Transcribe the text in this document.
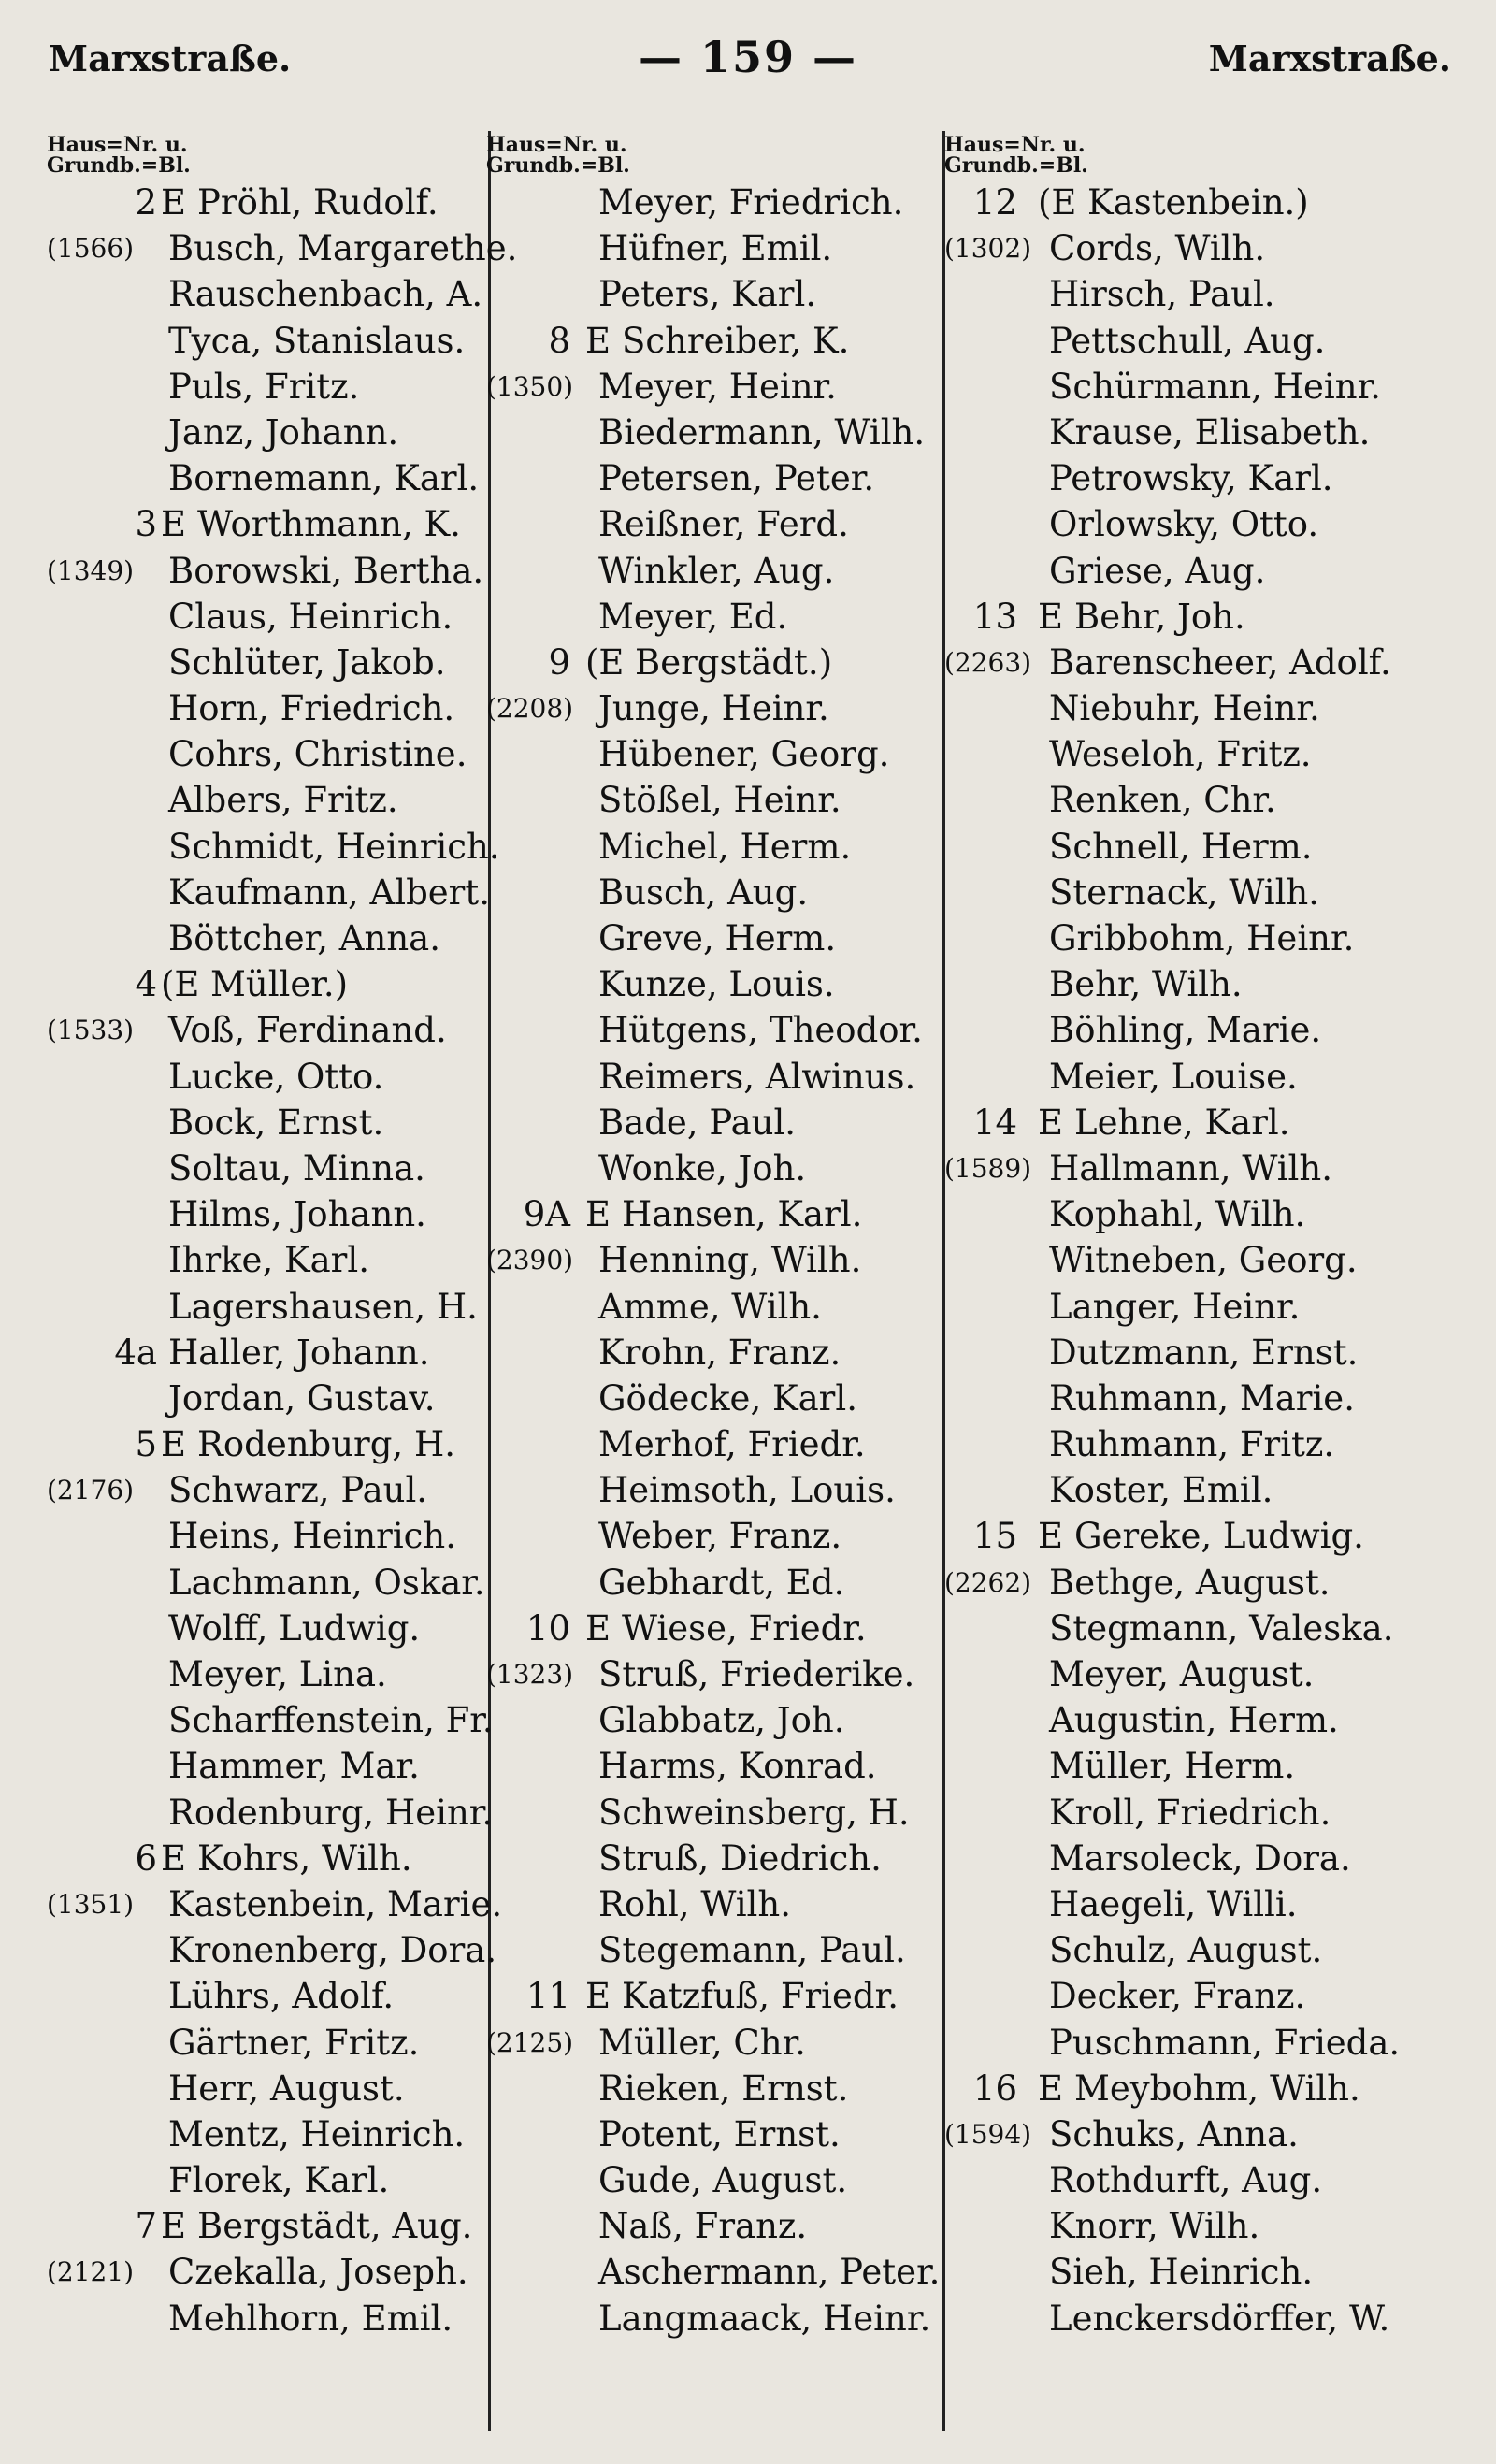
Marxstraße.	— 159 —	Marxstraße.
Haus=Nr. u.
Grundb.=Bl.
2 E Pröhl, Rudolf.
(1566) Busch, Margarethe.
Rauschenbach, A.
Tyca, Stanislaus.
Puls, Fritz.
Janz, Johann.
Bornemann, Karl.
3 E Worthmann, K.
(1349) Borowski, Bertha.
Claus, Heinrich.
Schlüter, Jakob.
Horn, Friedrich.
Cohrs, Christine.
Albers, Fritz.
Schmidt, Heinrich.
Kaufmann, Albert.
Böttcher, Anna.
4 (E Müller.)
(1533) Voß, Ferdinand.
Lucke, Otto.
Bock, Ernst.
Soltau, Minna.
Hilms, Johann.
Ihrke, Karl.
Lagershausen, H.
4a Haller, Johann.
Jordan, Gustav.
5 E Rodenburg, H.
(2176) Schwarz, Paul.
Heins, Heinrich.
Lachmann, Oskar.
Wolff, Ludwig.
Meyer, Lina.
Scharffenstein, Fr.
Hammer, Mar.
Rodenburg, Heinr.
6 E Kohrs, Wilh.
(1351) Kastenbein, Marie.
Kronenberg, Dora.
Lührs, Adolf.
Gärtner, Fritz.
Herr, August.
Mentz, Heinrich.
Florek, Karl.
7 E Bergstädt, Aug.
(2121) Czekalla, Joseph.
Mehlhorn, Emil.
Haus=Nr. u.
Grundb.=Bl.
Meyer, Friedrich.
Hüfner, Emil.
Peters, Karl.
8 E Schreiber, K.
(1350) Meyer, Heinr.
Biedermann, Wilh.
Petersen, Peter.
Reißner, Ferd.
Winkler, Aug.
Meyer, Ed.
9 (E Bergstädt.)
(2208) Junge, Heinr.
Hübener, Georg.
Stößel, Heinr.
Michel, Herm.
Busch, Aug.
Greve, Herm.
Kunze, Louis.
Hütgens, Theodor.
Reimers, Alwinus.
Bade, Paul.
Wonke, Joh.
9A E Hansen, Karl.
(2390) Henning, Wilh.
Amme, Wilh.
Krohn, Franz.
Gödecke, Karl.
Merhof, Friedr.
Heimsoth, Louis.
Weber, Franz.
Gebhardt, Ed.
10 E Wiese, Friedr.
(1323) Struß, Friederike.
Glabbatz, Joh.
Harms, Konrad.
Schweinsberg, H.
Struß, Diedrich.
Rohl, Wilh.
Stegemann, Paul.
11 E Katzfuß, Friedr.
(2125) Müller, Chr.
Rieken, Ernst.
Potent, Ernst.
Gude, August.
Naß, Franz.
Aschermann, Peter.
Langmaack, Heinr.
Haus=Nr. u.
Grundb.=Bl.
12 (E Kastenbein.)
(1302) Cords, Wilh.
Hirsch, Paul.
Pettschull, Aug.
Schürmann, Heinr.
Krause, Elisabeth.
Petrowsky, Karl.
Orlowsky, Otto.
Griese, Aug.
13 E Behr, Joh.
(2263) Barenscheer, Adolf.
Niebuhr, Heinr.
Weseloh, Fritz.
Renken, Chr.
Schnell, Herm.
Sternack, Wilh.
Gribbohm, Heinr.
Behr, Wilh.
Böhling, Marie.
Meier, Louise.
14 E Lehne, Karl.
(1589) Hallmann, Wilh.
Kophahl, Wilh.
Witneben, Georg.
Langer, Heinr.
Dutzmann, Ernst.
Ruhmann, Marie.
Ruhmann, Fritz.
Koster, Emil.
15 E Gereke, Ludwig.
(2262) Bethge, August.
Stegmann, Valeska.
Meyer, August.
Augustin, Herm.
Müller, Herm.
Kroll, Friedrich.
Marsoleck, Dora.
Haegeli, Willi.
Schulz, August.
Decker, Franz.
Puschmann, Frieda.
16 E Meybohm, Wilh.
(1594) Schuks, Anna.
Rothdurft, Aug.
Knorr, Wilh.
Sieh, Heinrich.
Lenckersdörffer, W.
